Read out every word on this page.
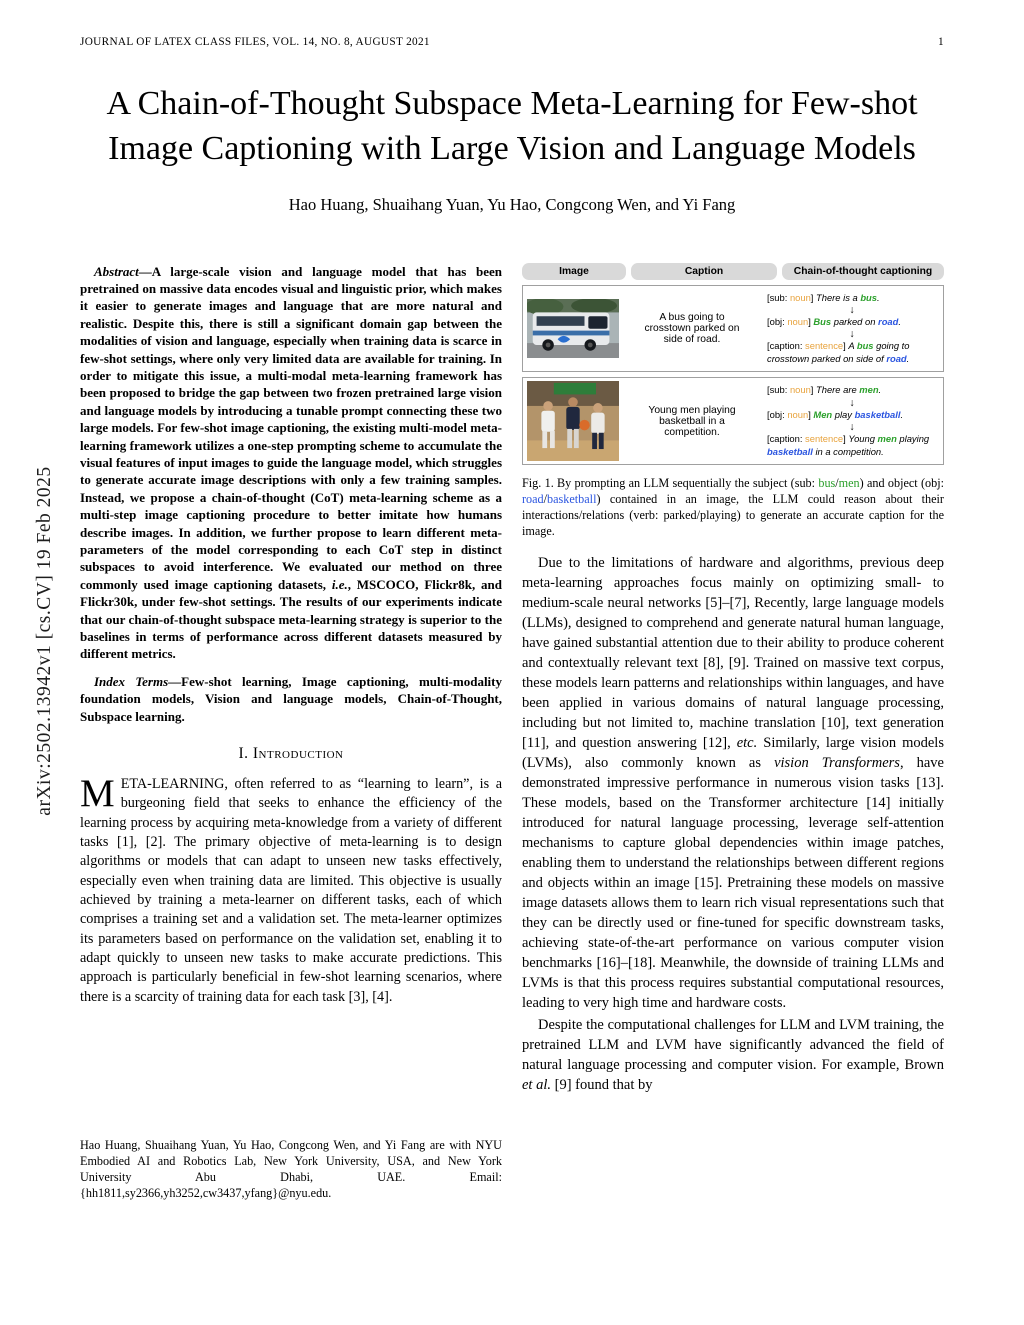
JOURNAL OF LATEX CLASS FILES, VOL. 14, NO. 8, AUGUST 2021	1
arXiv:2502.13942v1 [cs.CV] 19 Feb 2025
A Chain-of-Thought Subspace Meta-Learning for Few-shot Image Captioning with Large Vision and Language Models
Hao Huang, Shuaihang Yuan, Yu Hao, Congcong Wen, and Yi Fang

Abstract—A large-scale vision and language model that has been pretrained on massive data encodes visual and linguistic prior, which makes it easier to generate images and language that are more natural and realistic. Despite this, there is still a significant domain gap between the modalities of vision and language, especially when training data is scarce in few-shot settings, where only very limited data are available for training. In order to mitigate this issue, a multi-modal meta-learning framework has been proposed to bridge the gap between two frozen pretrained large vision and language models by introducing a tunable prompt connecting these two large models. For few-shot image captioning, the existing multi-model meta-learning framework utilizes a one-step prompting scheme to accumulate the visual features of input images to guide the language model, which struggles to generate accurate image descriptions with only a few training samples. Instead, we propose a chain-of-thought (CoT) meta-learning scheme as a multi-step image captioning procedure to better imitate how humans describe images. In addition, we further propose to learn different meta-parameters of the model corresponding to each CoT step in distinct subspaces to avoid interference. We evaluated our method on three commonly used image captioning datasets, i.e., MSCOCO, Flickr8k, and Flickr30k, under few-shot settings. The results of our experiments indicate that our chain-of-thought subspace meta-learning strategy is superior to the baselines in terms of performance across different datasets measured by different metrics.

Index Terms—Few-shot learning, Image captioning, multi-modality foundation models, Vision and language models, Chain-of-Thought, Subspace learning.

I. Introduction

META-LEARNING, often referred to as “learning to learn”, is a burgeoning field that seeks to enhance the efficiency of the learning process by acquiring meta-knowledge from a variety of different tasks [1], [2]. The primary objective of meta-learning is to design algorithms or models that can adapt to unseen new tasks effectively, especially even when training data are limited. This objective is usually achieved by training a meta-learner on different tasks, each of which comprises a training set and a validation set. The meta-learner optimizes its parameters based on performance on the validation set, enabling it to adapt quickly to unseen new tasks to make accurate predictions. This approach is particularly beneficial in few-shot learning scenarios, where there is a scarcity of training data for each task [3], [4].

Hao Huang, Shuaihang Yuan, Yu Hao, Congcong Wen, and Yi Fang are with NYU Embodied AI and Robotics Lab, New York University, USA, and New York University Abu Dhabi, UAE. Email:{hh1811,sy2366,yh3252,cw3437,yfang}@nyu.edu.
Image	Caption	Chain-of-thought captioning
A bus going to crosstown parked on side of road.
[sub: noun] There is a bus.
↓
[obj: noun] Bus parked on road.
↓
[caption: sentence] A bus going to crosstown parked on side of road.
Young men playing basketball in a competition.
[sub: noun] There are men.
↓
[obj: noun] Men play basketball.
↓
[caption: sentence] Young men playing basketball in a competition.

Fig. 1. By prompting an LLM sequentially the subject (sub: bus/men) and object (obj: road/basketball) contained in an image, the LLM could reason about their interactions/relations (verb: parked/playing) to generate an accurate caption for the image.

Due to the limitations of hardware and algorithms, previous deep meta-learning approaches focus mainly on optimizing small- to medium-scale neural networks [5]–[7], Recently, large language models (LLMs), designed to comprehend and generate natural human language, have gained substantial attention due to their ability to produce coherent and contextually relevant text [8], [9]. Trained on massive text corpus, these models learn patterns and relationships within languages, and have been applied in various domains of natural language processing, including but not limited to, machine translation [10], text generation [11], and question answering [12], etc. Similarly, large vision models (LVMs), also commonly known as vision Transformers, have demonstrated impressive performance in numerous vision tasks [13]. These models, based on the Transformer architecture [14] initially introduced for natural language processing, leverage self-attention mechanisms to capture global dependencies within image patches, enabling them to understand the relationships between different regions and objects within an image [15]. Pretraining these models on massive image datasets allows them to learn rich visual representations such that they can be directly used or fine-tuned for specific downstream tasks, achieving state-of-the-art performance on various computer vision benchmarks [16]–[18]. Meanwhile, the downside of training LLMs and LVMs is that this process requires substantial computational resources, leading to very high time and hardware costs.

Despite the computational challenges for LLM and LVM training, the pretrained LLM and LVM have significantly advanced the field of natural language processing and computer vision. For example, Brown et al. [9] found that by
